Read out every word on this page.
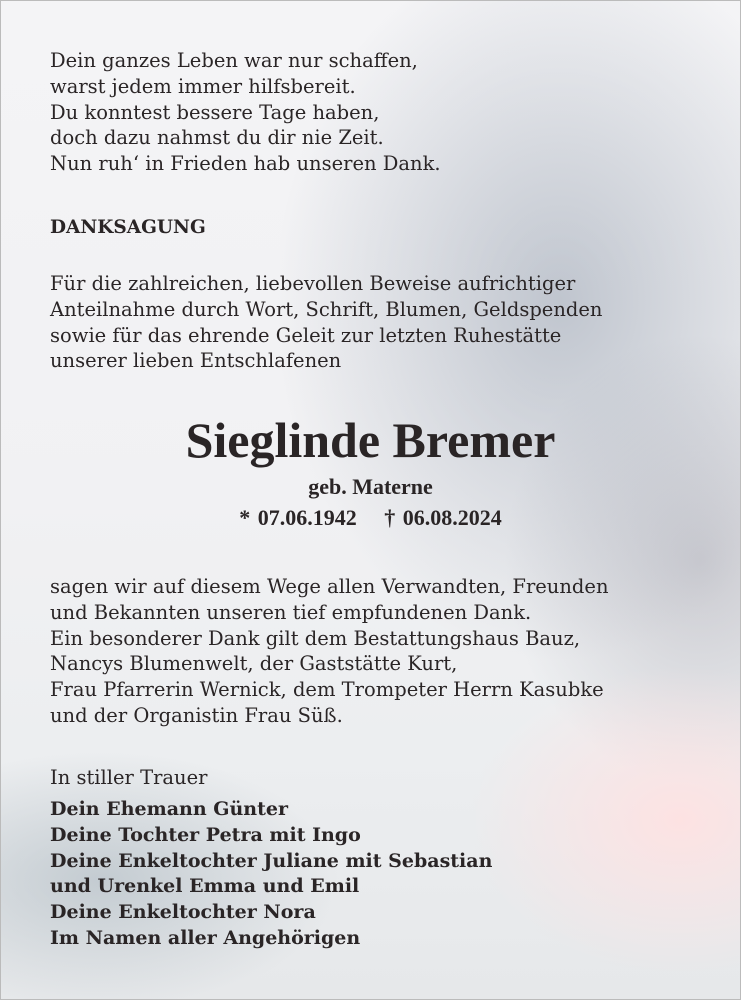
Dein ganzes Leben war nur schaffen,
warst jedem immer hilfsbereit.
Du konntest bessere Tage haben,
doch dazu nahmst du dir nie Zeit.
Nun ruh‘ in Frieden hab unseren Dank.
DANKSAGUNG
Für die zahlreichen, liebevollen Beweise aufrichtiger
Anteilnahme durch Wort, Schrift, Blumen, Geldspenden
sowie für das ehrende Geleit zur letzten Ruhestätte
unserer lieben Entschlafenen
Sieglinde Bremer
geb. Materne
* 07.06.1942 † 06.08.2024
sagen wir auf diesem Wege allen Verwandten, Freunden
und Bekannten unseren tief empfundenen Dank.
Ein besonderer Dank gilt dem Bestattungshaus Bauz,
Nancys Blumenwelt, der Gaststätte Kurt,
Frau Pfarrerin Wernick, dem Trompeter Herrn Kasubke
und der Organistin Frau Süß.
In stiller Trauer
Dein Ehemann Günter
Deine Tochter Petra mit Ingo
Deine Enkeltochter Juliane mit Sebastian
und Urenkel Emma und Emil
Deine Enkeltochter Nora
Im Namen aller Angehörigen
